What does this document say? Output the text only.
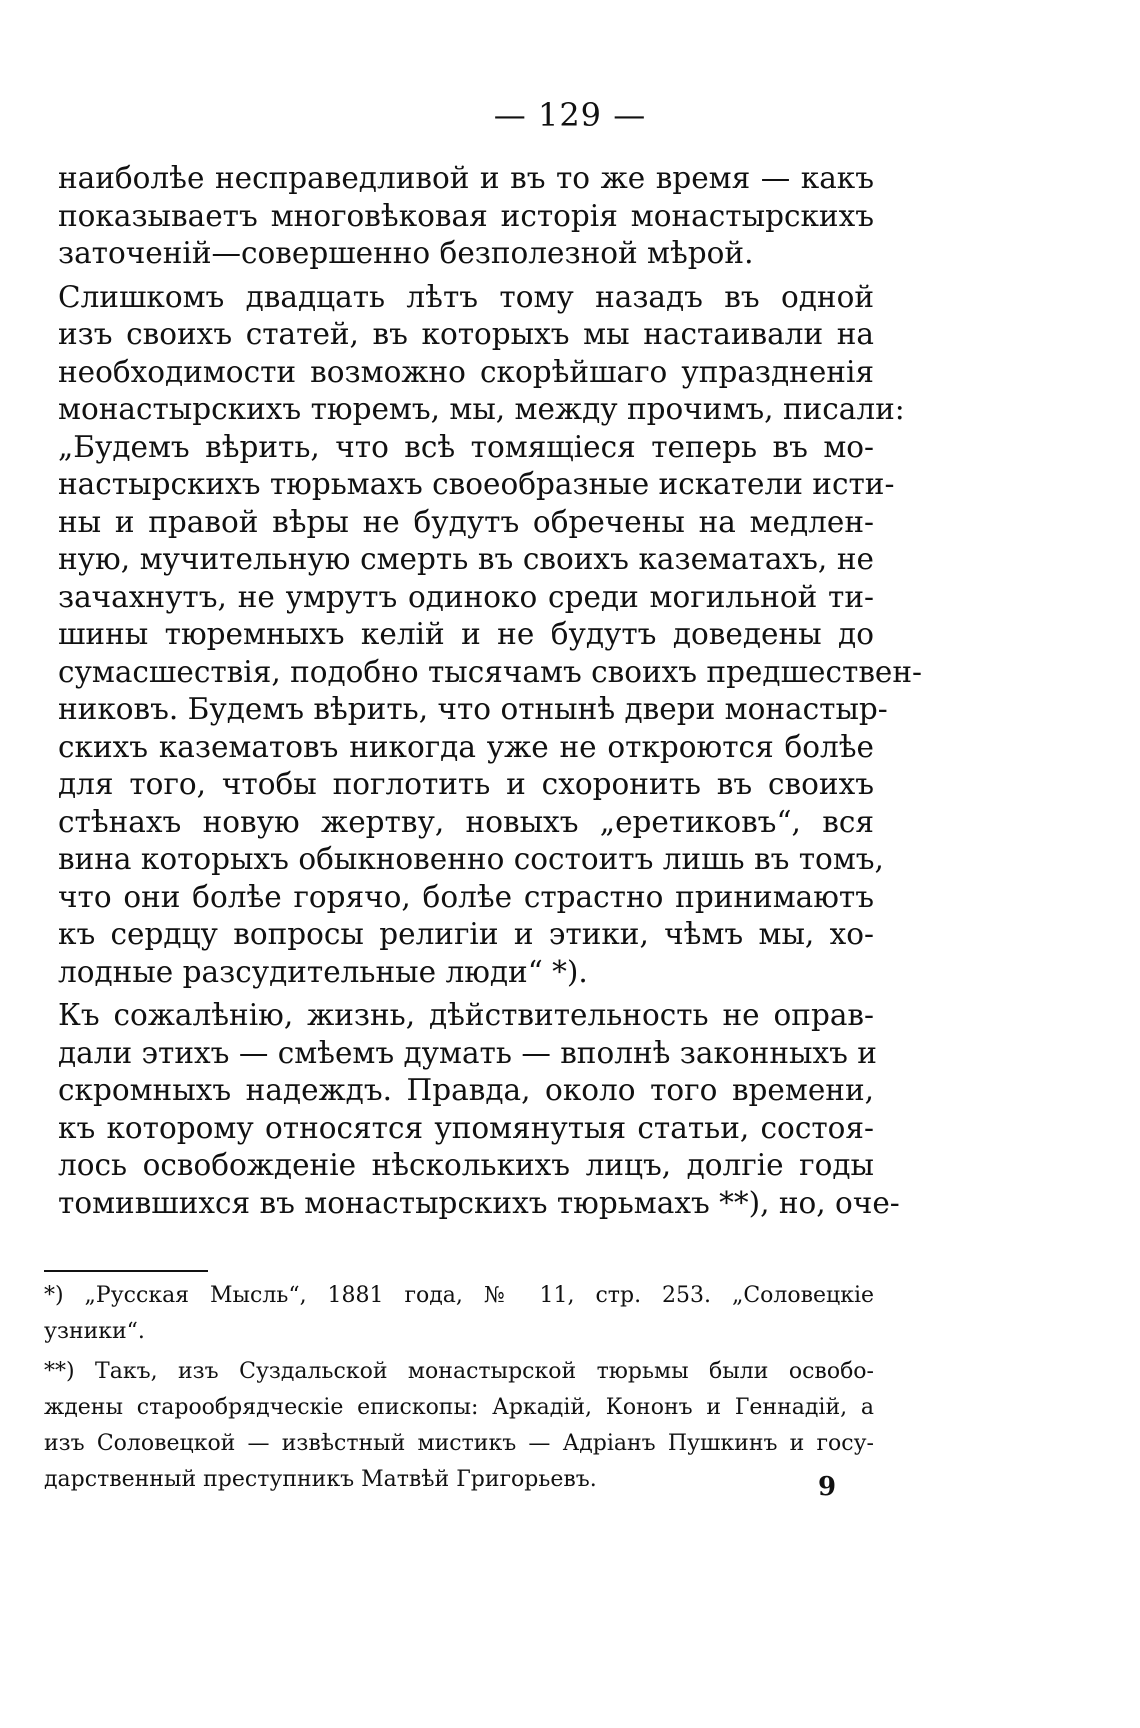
— 129 —
наиболѣе несправедливой и въ то же время — какъ
показываетъ многовѣковая исторія монастырскихъ
заточеній—совершенно безполезной мѣрой.
Слишкомъ двадцать лѣтъ тому назадъ въ одной
изъ своихъ статей, въ которыхъ мы настаивали на
необходимости возможно скорѣйшаго упраздненія
монастырскихъ тюремъ, мы, между прочимъ, писали:
„Будемъ вѣрить, что всѣ томящіеся теперь въ мо-
настырскихъ тюрьмахъ своеобразные искатели исти-
ны и правой вѣры не будутъ обречены на медлен-
ную, мучительную смерть въ своихъ казематахъ, не
зачахнутъ, не умрутъ одиноко среди могильной ти-
шины тюремныхъ келій и не будутъ доведены до
сумасшествія, подобно тысячамъ своихъ предшествен-
никовъ. Будемъ вѣрить, что отнынѣ двери монастыр-
скихъ казематовъ никогда уже не откроются болѣе
для того, чтобы поглотить и схоронить въ своихъ
стѣнахъ новую жертву, новыхъ „еретиковъ“, вся
вина которыхъ обыкновенно состоитъ лишь въ томъ,
что они болѣе горячо, болѣе страстно принимаютъ
къ сердцу вопросы религіи и этики, чѣмъ мы, хо-
лодные разсудительные люди“ *).
Къ сожалѣнію, жизнь, дѣйствительность не оправ-
дали этихъ — смѣемъ думать — вполнѣ законныхъ и
скромныхъ надеждъ. Правда, около того времени,
къ которому относятся упомянутыя статьи, состоя-
лось освобожденіе нѣсколькихъ лицъ, долгіе годы
томившихся въ монастырскихъ тюрьмахъ **), но, оче-
*) „Русская Мысль“, 1881 года, № 11, стр. 253. „Соловецкіе
узники“.
**) Такъ, изъ Суздальской монастырской тюрьмы были освобо-
ждены старообрядческіе епископы: Аркадій, Кононъ и Геннадій, а
изъ Соловецкой — извѣстный мистикъ — Адріанъ Пушкинъ и госу-
дарственный преступникъ Матвѣй Григорьевъ.	9
